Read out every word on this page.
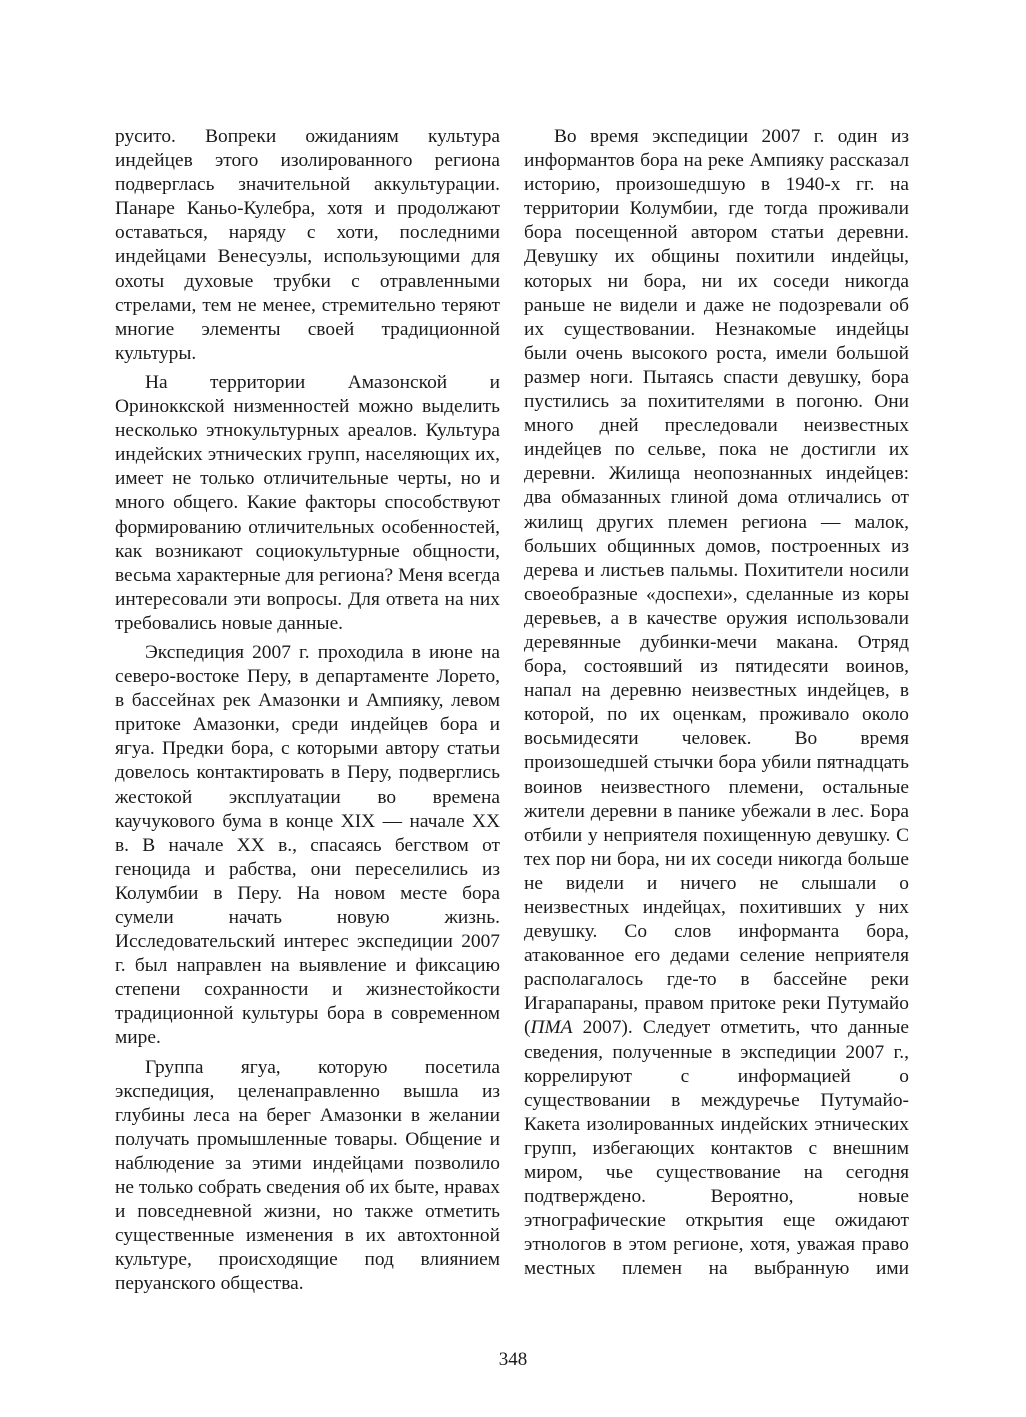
русито. Вопреки ожиданиям культура индейцев этого изолированного региона подверглась значительной аккультурации. Панаре Каньо-Кулебра, хотя и продолжают оставаться, наряду с хоти, последними индейцами Венесуэлы, использующими для охоты духовые трубки с отравленными стрелами, тем не менее, стремительно теряют многие элементы своей традиционной культуры.

На территории Амазонской и Ориноккской низменностей можно выделить несколько этнокультурных ареалов. Культура индейских этнических групп, населяющих их, имеет не только отличительные черты, но и много общего. Какие факторы способствуют формированию отличительных особенностей, как возникают социокультурные общности, весьма характерные для региона? Меня всегда интересовали эти вопросы. Для ответа на них требовались новые данные.

Экспедиция 2007 г. проходила в июне на северо-востоке Перу, в департаменте Лорето, в бассейнах рек Амазонки и Ампияку, левом притоке Амазонки, среди индейцев бора и ягуа. Предки бора, с которыми автору статьи довелось контактировать в Перу, подверглись жестокой эксплуатации во времена каучукового бума в конце XIX — начале XX в. В начале XX в., спасаясь бегством от геноцида и рабства, они переселились из Колумбии в Перу. На новом месте бора сумели начать новую жизнь. Исследовательский интерес экспедиции 2007 г. был направлен на выявление и фиксацию степени сохранности и жизнестойкости традиционной культуры бора в современном мире.

Группа ягуа, которую посетила экспедиция, целенаправленно вышла из глубины леса на берег Амазонки в желании получать промышленные товары. Общение и наблюдение за этими индейцами позволило не только собрать сведения об их быте, нравах и повседневной жизни, но также отметить существенные изменения в их автохтонной культуре, происходящие под влиянием перуанского общества.

Во время экспедиции 2007 г. один из информантов бора на реке Ампияку рассказал историю, произошедшую в 1940-х гг. на территории Колумбии, где тогда проживали бора посещенной автором статьи деревни. Девушку их общины похитили индейцы, которых ни бора, ни их соседи никогда раньше не видели и даже не подозревали об их существовании. Незнакомые индейцы были очень высокого роста, имели большой размер ноги. Пытаясь спасти девушку, бора пустились за похитителями в погоню. Они много дней преследовали неизвестных индейцев по сельве, пока не достигли их деревни. Жилища неопознанных индейцев: два обмазанных глиной дома отличались от жилищ других племен региона — малок, больших общинных домов, построенных из дерева и листьев пальмы. Похитители носили своеобразные «доспехи», сделанные из коры деревьев, а в качестве оружия использовали деревянные дубинки-мечи макана. Отряд бора, состоявший из пятидесяти воинов, напал на деревню неизвестных индейцев, в которой, по их оценкам, проживало около восьмидесяти человек. Во время произошедшей стычки бора убили пятнадцать воинов неизвестного племени, остальные жители деревни в панике убежали в лес. Бора отбили у неприятеля похищенную девушку. С тех пор ни бора, ни их соседи никогда больше не видели и ничего не слышали о неизвестных индейцах, похитивших у них девушку. Со слов информанта бора, атакованное его дедами селение неприятеля располагалось где-то в бассейне реки Игарапараны, правом притоке реки Путумайо (ПМА 2007). Следует отметить, что данные сведения, полученные в экспедиции 2007 г., коррелируют с информацией о существовании в междуречье Путумайо-Какета изолированных индейских этнических групп, избегающих контактов с внешним миром, чье существование на сегодня подтверждено. Вероятно, новые этнографические открытия еще ожидают этнологов в этом регионе, хотя, уважая право местных племен на выбранную ими

348
